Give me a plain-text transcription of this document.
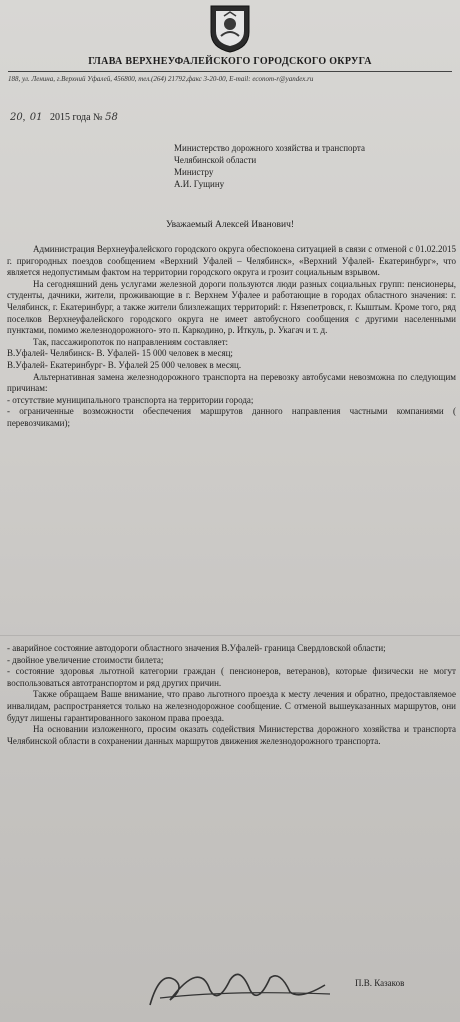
ГЛАВА ВЕРХНЕУФАЛЕЙСКОГО ГОРОДСКОГО ОКРУГА
188, ул. Ленина, г.Верхний Уфалей, 456800, тел.(264) 21792,факс 3-20-00, E-mail: econom-r@yandex.ru
20, 01 2015 года № 58
Министерство дорожного хозяйства и транспорта
Челябинской области
Министру
А.И. Гущину
Уважаемый Алексей Иванович!

Администрация Верхнеуфалейского городского округа обеспокоена ситуацией в связи с отменой с 01.02.2015 г. пригородных поездов сообщением «Верхний Уфалей – Челябинск», «Верхний Уфалей- Екатеринбург», что является недопустимым фактом на территории городского округа и грозит социальным взрывом.

На сегодняшний день услугами железной дороги пользуются люди разных социальных групп: пенсионеры, студенты, дачники, жители, проживающие в г. Верхнем Уфалее и работающие в городах областного значения: г. Челябинск, г. Екатеринбург, а также жители близлежащих территорий: г. Нязепетровск, г. Кыштым. Кроме того, ряд поселков Верхнеуфалейского городского округа не имеет автобусного сообщения с другими населенными пунктами, помимо железнодорожного- это п. Каркодино, р. Иткуль, р. Укагач и т. д.

Так, пассажиропоток по направлениям составляет:

В.Уфалей- Челябинск- В. Уфалей- 15 000 человек в месяц;

В.Уфалей- Екатеринбург- В. Уфалей 25 000 человек в месяц.

Альтернативная замена железнодорожного транспорта на перевозку автобусами невозможна по следующим причинам:

- отсутствие муниципального транспорта на территории города;

- ограниченные возможности обеспечения маршрутов данного направления частными компаниями ( перевозчиками);

- аварийное состояние автодороги областного значения В.Уфалей- граница Свердловской области;

- двойное увеличение стоимости билета;

- состояние здоровья льготной категории граждан ( пенсионеров, ветеранов), которые физически не могут воспользоваться автотранспортом и ряд других причин.

Также обращаем Ваше внимание, что право льготного проезда к месту лечения и обратно, предоставляемое инвалидам, распространяется только на железнодорожное сообщение. С отменой вышеуказанных маршрутов, они будут лишены гарантированного законом права проезда.

На основании изложенного, просим оказать содействия Министерства дорожного хозяйства и транспорта Челябинской области в сохранении данных маршрутов движения железнодорожного транспорта.

П.В. Казаков
